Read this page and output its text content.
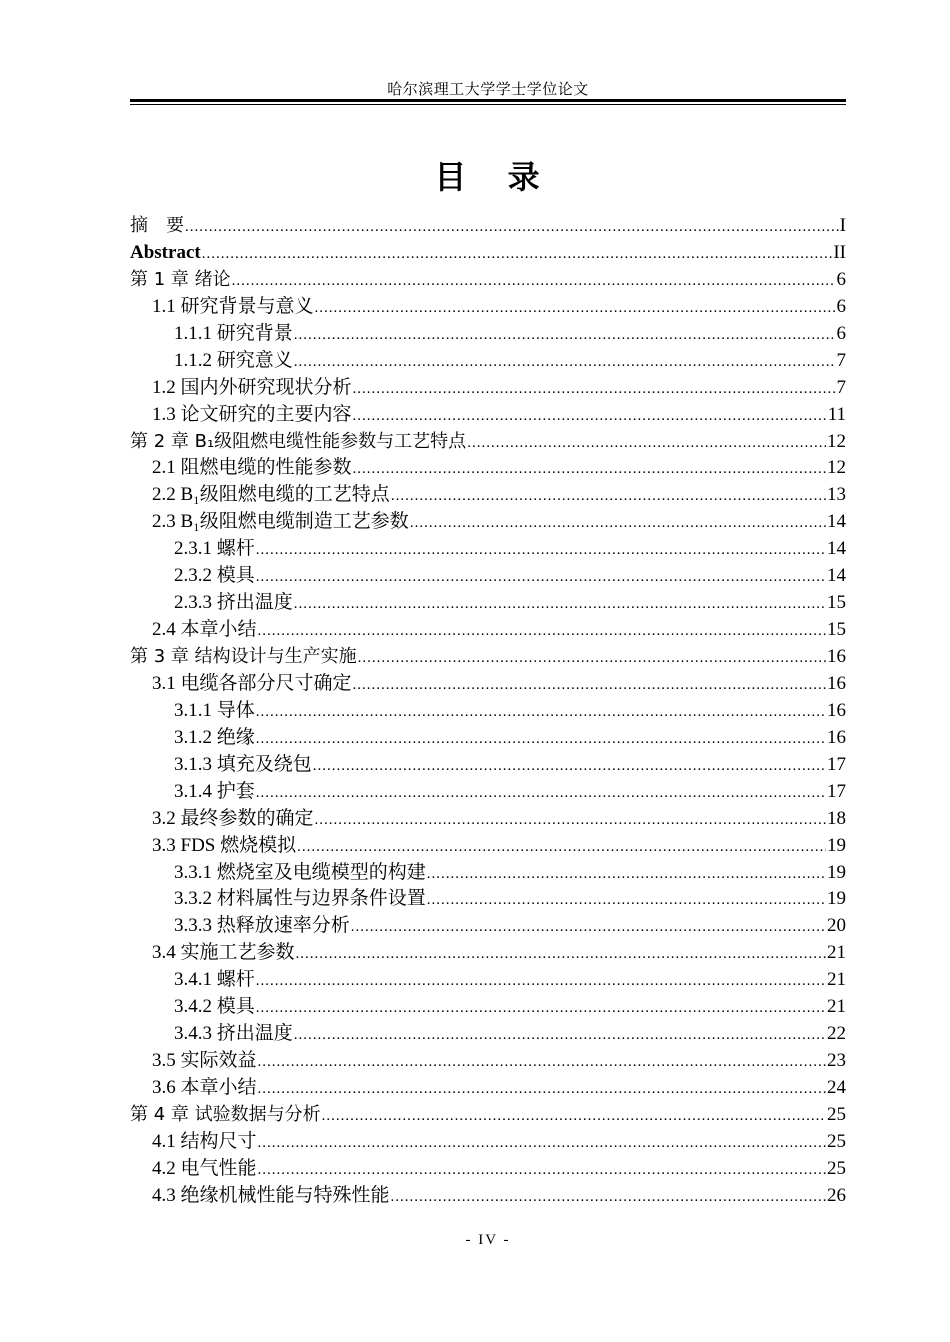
哈尔滨理工大学学士学位论文
目 录
摘　要 .....	I
Abstract .....	II
第 1 章 绪论 .....	6
1.1 研究背景与意义 .....	6
1.1.1 研究背景 .....	6
1.1.2 研究意义 .....	7
1.2 国内外研究现状分析 .....	7
1.3 论文研究的主要内容 .....	11
第 2 章 B₁级阻燃电缆性能参数与工艺特点 .....	12
2.1 阻燃电缆的性能参数 .....	12
2.2 B₁级阻燃电缆的工艺特点 .....	13
2.3 B₁级阻燃电缆制造工艺参数 .....	14
2.3.1 螺杆 .....	14
2.3.2 模具 .....	14
2.3.3 挤出温度 .....	15
2.4 本章小结 .....	15
第 3 章 结构设计与生产实施 .....	16
3.1 电缆各部分尺寸确定 .....	16
3.1.1 导体 .....	16
3.1.2 绝缘 .....	16
3.1.3 填充及绕包 .....	17
3.1.4 护套 .....	17
3.2 最终参数的确定 .....	18
3.3 FDS 燃烧模拟 .....	19
3.3.1 燃烧室及电缆模型的构建 .....	19
3.3.2 材料属性与边界条件设置 .....	19
3.3.3 热释放速率分析 .....	20
3.4 实施工艺参数 .....	21
3.4.1 螺杆 .....	21
3.4.2 模具 .....	21
3.4.3 挤出温度 .....	22
3.5 实际效益 .....	23
3.6 本章小结 .....	24
第 4 章 试验数据与分析 .....	25
4.1 结构尺寸 .....	25
4.2 电气性能 .....	25
4.3 绝缘机械性能与特殊性能 .....	26
- IV -
